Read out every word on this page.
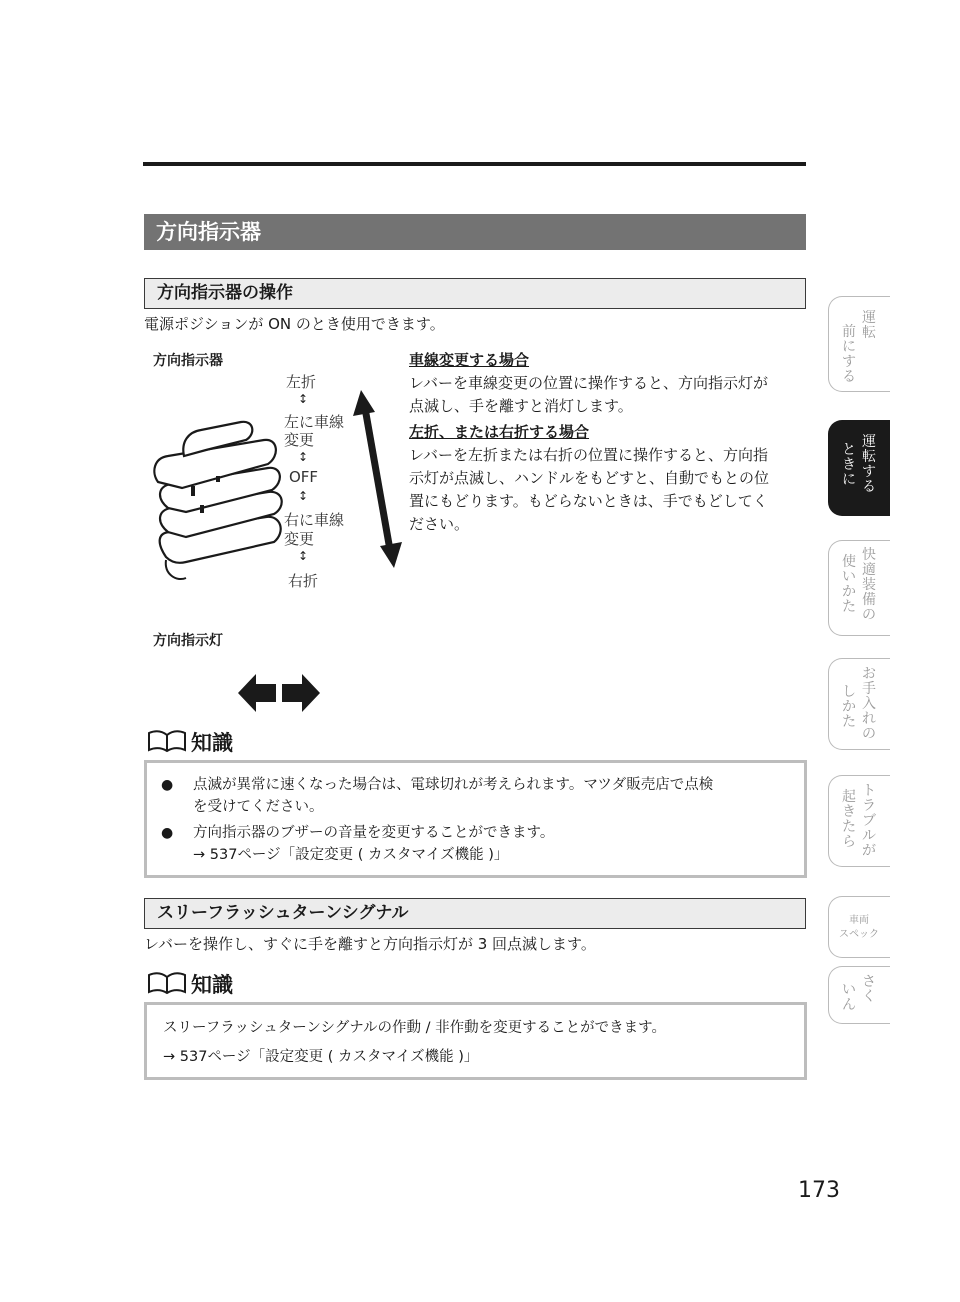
方向指示器
方向指示器の操作
電源ポジションが ON のとき使用できます。
方向指示器
左折
↕
左に車線
変更
↕
OFF
↕
右に車線
変更
↕
右折
車線変更する場合
レバーを車線変更の位置に操作すると、方向指示灯が
点滅し、手を離すと消灯します。
左折、または右折する場合
レバーを左折または右折の位置に操作すると、方向指
示灯が点滅し、ハンドルをもどすと、自動でもとの位
置にもどります。もどらないときは、手でもどしてく
ださい。
方向指示灯
知識
● 点滅が異常に速くなった場合は、電球切れが考えられます。マツダ販売店で点検
を受けてください。
● 方向指示器のブザーの音量を変更することができます。
→ 537ページ「設定変更 ( カスタマイズ機能 )」
スリーフラッシュターンシグナル
レバーを操作し、すぐに手を離すと方向指示灯が 3 回点滅します。
知識
スリーフラッシュターンシグナルの作動 / 非作動を変更することができます。
→ 537ページ「設定変更 ( カスタマイズ機能 )」
運
転
前にする
運転する
ときに
快適装備の
使いかた
お手入れの
しかた
トラブルが
起きたら
車両
スペック
さく
いん
173
